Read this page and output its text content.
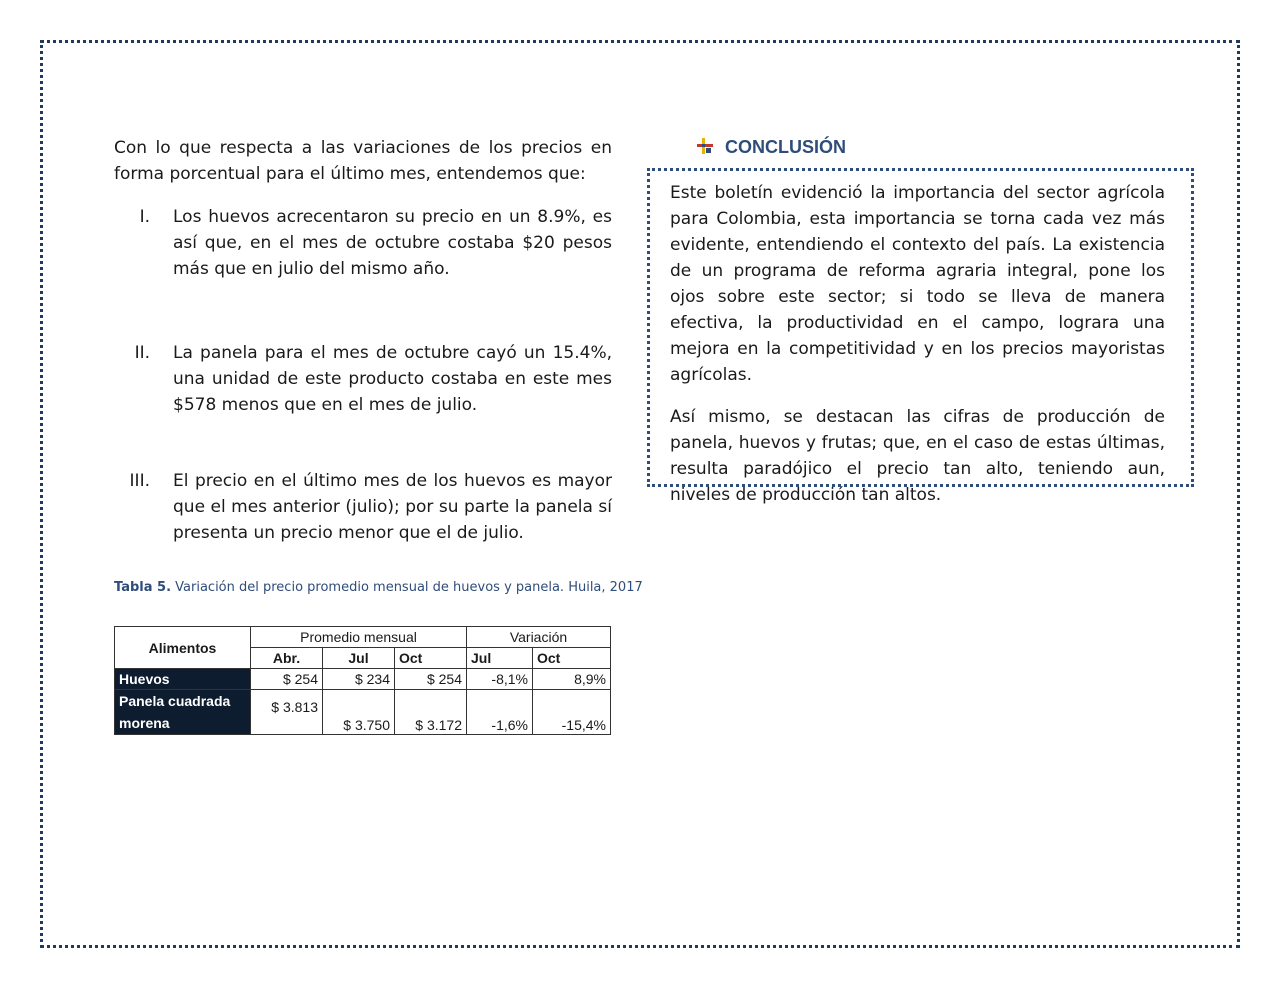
Con lo que respecta a las variaciones de los precios en forma porcentual para el último mes, entendemos que:

I. Los huevos acrecentaron su precio en un 8.9%, es así que, en el mes de octubre costaba $20 pesos más que en julio del mismo año.
II. La panela para el mes de octubre cayó un 15.4%, una unidad de este producto costaba en este mes $578 menos que en el mes de julio.
III. El precio en el último mes de los huevos es mayor que el mes anterior (julio); por su parte la panela sí presenta un precio menor que el de julio.
Tabla 5. Variación del precio promedio mensual de huevos y panela. Huila, 2017
Alimentos	Promedio mensual			Variación	
	Abr.	Jul	Oct	Jul	Oct
Huevos	$ 254	$ 234	$ 254	-8,1%	8,9%
Panela cuadrada
morena	$ 3.813	$ 3.750	$ 3.172	-1,6%	-15,4%
CONCLUSIÓN

Este boletín evidenció la importancia del sector agrícola para Colombia, esta importancia se torna cada vez más evidente, entendiendo el contexto del país. La existencia de un programa de reforma agraria integral, pone los ojos sobre este sector; si todo se lleva de manera efectiva, la productividad en el campo, lograra una mejora en la competitividad y en los precios mayoristas agrícolas.

Así mismo, se destacan las cifras de producción de panela, huevos y frutas; que, en el caso de estas últimas, resulta paradójico el precio tan alto, teniendo aun, niveles de producción tan altos.
